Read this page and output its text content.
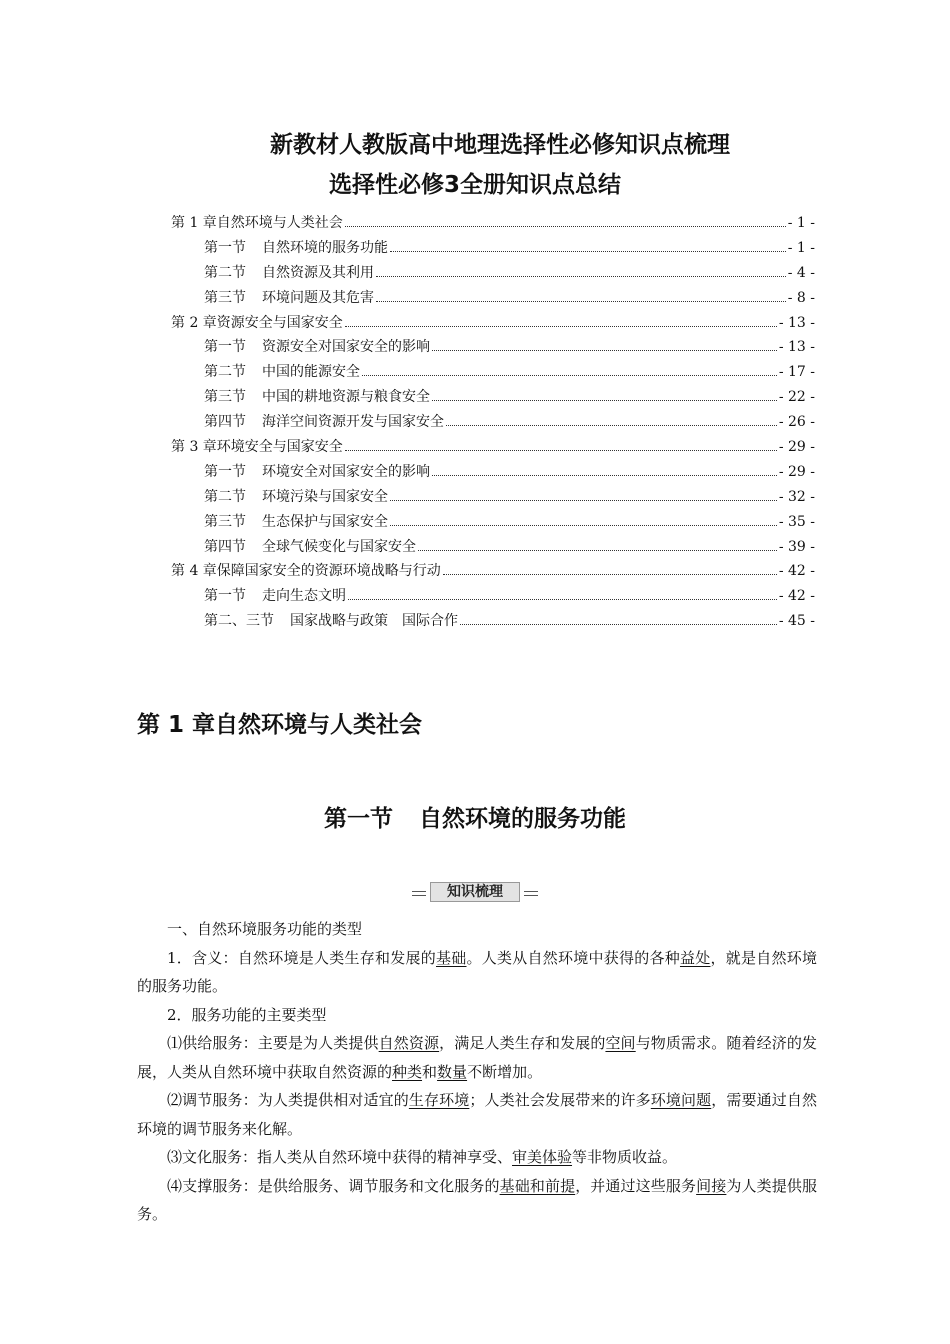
新教材人教版高中地理选择性必修知识点梳理
选择性必修3全册知识点总结
第 1 章自然环境与人类社会	- 1 -
第一节 自然环境的服务功能	- 1 -
第二节 自然资源及其利用	- 4 -
第三节 环境问题及其危害	- 8 -
第 2 章资源安全与国家安全	- 13 -
第一节 资源安全对国家安全的影响	- 13 -
第二节 中国的能源安全	- 17 -
第三节 中国的耕地资源与粮食安全	- 22 -
第四节 海洋空间资源开发与国家安全	- 26 -
第 3 章环境安全与国家安全	- 29 -
第一节 环境安全对国家安全的影响	- 29 -
第二节 环境污染与国家安全	- 32 -
第三节 生态保护与国家安全	- 35 -
第四节 全球气候变化与国家安全	- 39 -
第 4 章保障国家安全的资源环境战略与行动	- 42 -
第一节 走向生态文明	- 42 -
第二、三节 国家战略与政策　国际合作	- 45 -
第 1 章自然环境与人类社会
第一节 自然环境的服务功能
知识梳理

一、自然环境服务功能的类型

1．含义：自然环境是人类生存和发展的基础。人类从自然环境中获得的各种益处，就是自然环境的服务功能。

2．服务功能的主要类型

⑴供给服务：主要是为人类提供自然资源，满足人类生存和发展的空间与物质需求。随着经济的发展，人类从自然环境中获取自然资源的种类和数量不断增加。

⑵调节服务：为人类提供相对适宜的生存环境；人类社会发展带来的许多环境问题，需要通过自然环境的调节服务来化解。

⑶文化服务：指人类从自然环境中获得的精神享受、审美体验等非物质收益。

⑷支撑服务：是供给服务、调节服务和文化服务的基础和前提，并通过这些服务间接为人类提供服务。
